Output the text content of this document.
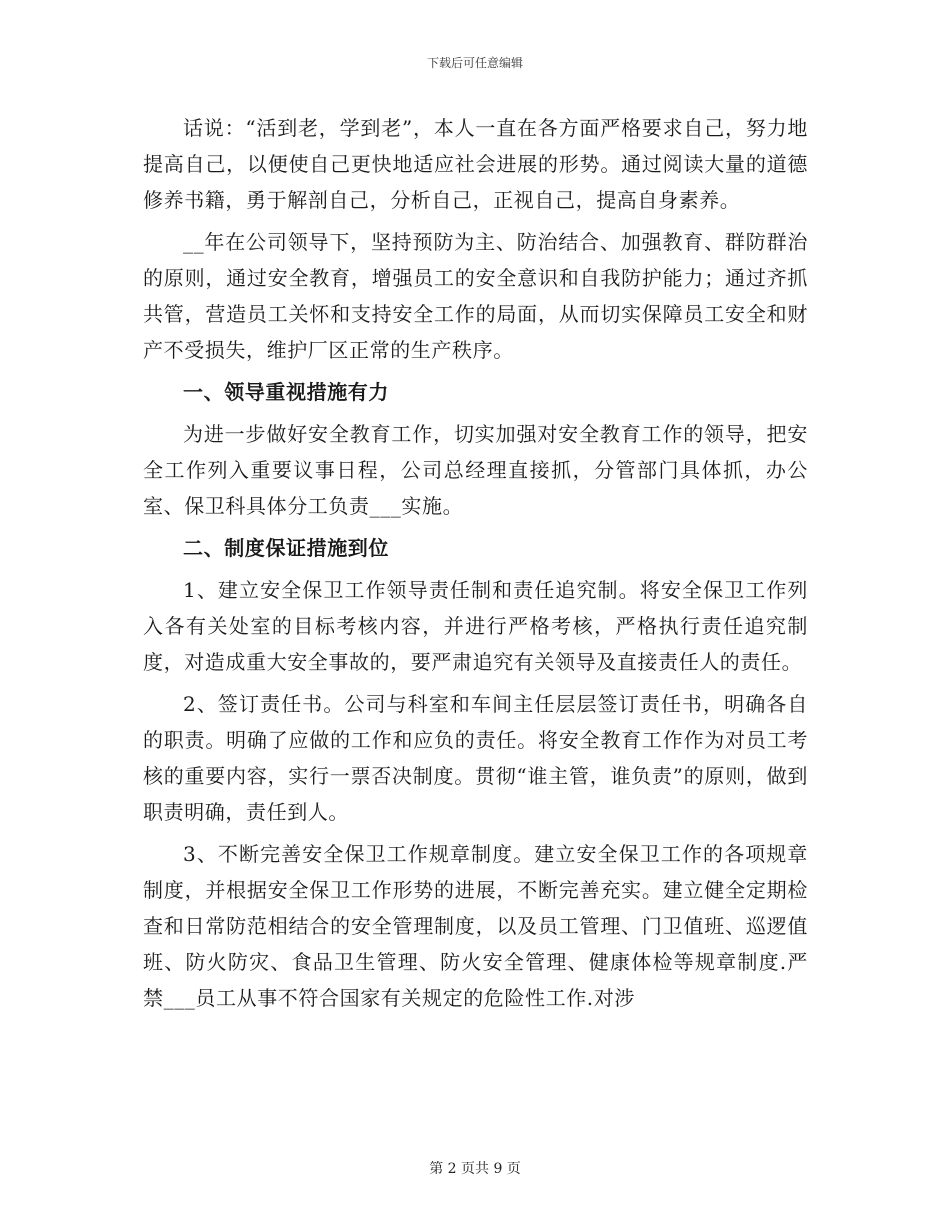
下载后可任意编辑

话说：“活到老，学到老”，本人一直在各方面严格要求自己，努力地提高自己，以便使自己更快地适应社会进展的形势。通过阅读大量的道德修养书籍，勇于解剖自己，分析自己，正视自己，提高自身素养。

__年在公司领导下，坚持预防为主、防治结合、加强教育、群防群治的原则，通过安全教育，增强员工的安全意识和自我防护能力；通过齐抓共管，营造员工关怀和支持安全工作的局面，从而切实保障员工安全和财产不受损失，维护厂区正常的生产秩序。

一、领导重视措施有力

为进一步做好安全教育工作，切实加强对安全教育工作的领导，把安全工作列入重要议事日程，公司总经理直接抓，分管部门具体抓，办公室、保卫科具体分工负责___实施。

二、制度保证措施到位

1、建立安全保卫工作领导责任制和责任追究制。将安全保卫工作列入各有关处室的目标考核内容，并进行严格考核，严格执行责任追究制度，对造成重大安全事故的，要严肃追究有关领导及直接责任人的责任。

2、签订责任书。公司与科室和车间主任层层签订责任书，明确各自的职责。明确了应做的工作和应负的责任。将安全教育工作作为对员工考核的重要内容，实行一票否决制度。贯彻“谁主管，谁负责”的原则，做到职责明确，责任到人。

3、不断完善安全保卫工作规章制度。建立安全保卫工作的各项规章制度，并根据安全保卫工作形势的进展，不断完善充实。建立健全定期检查和日常防范相结合的安全管理制度，以及员工管理、门卫值班、巡逻值班、防火防灾、食品卫生管理、防火安全管理、健康体检等规章制度.严禁___员工从事不符合国家有关规定的危险性工作.对涉

第 2 页共 9 页
